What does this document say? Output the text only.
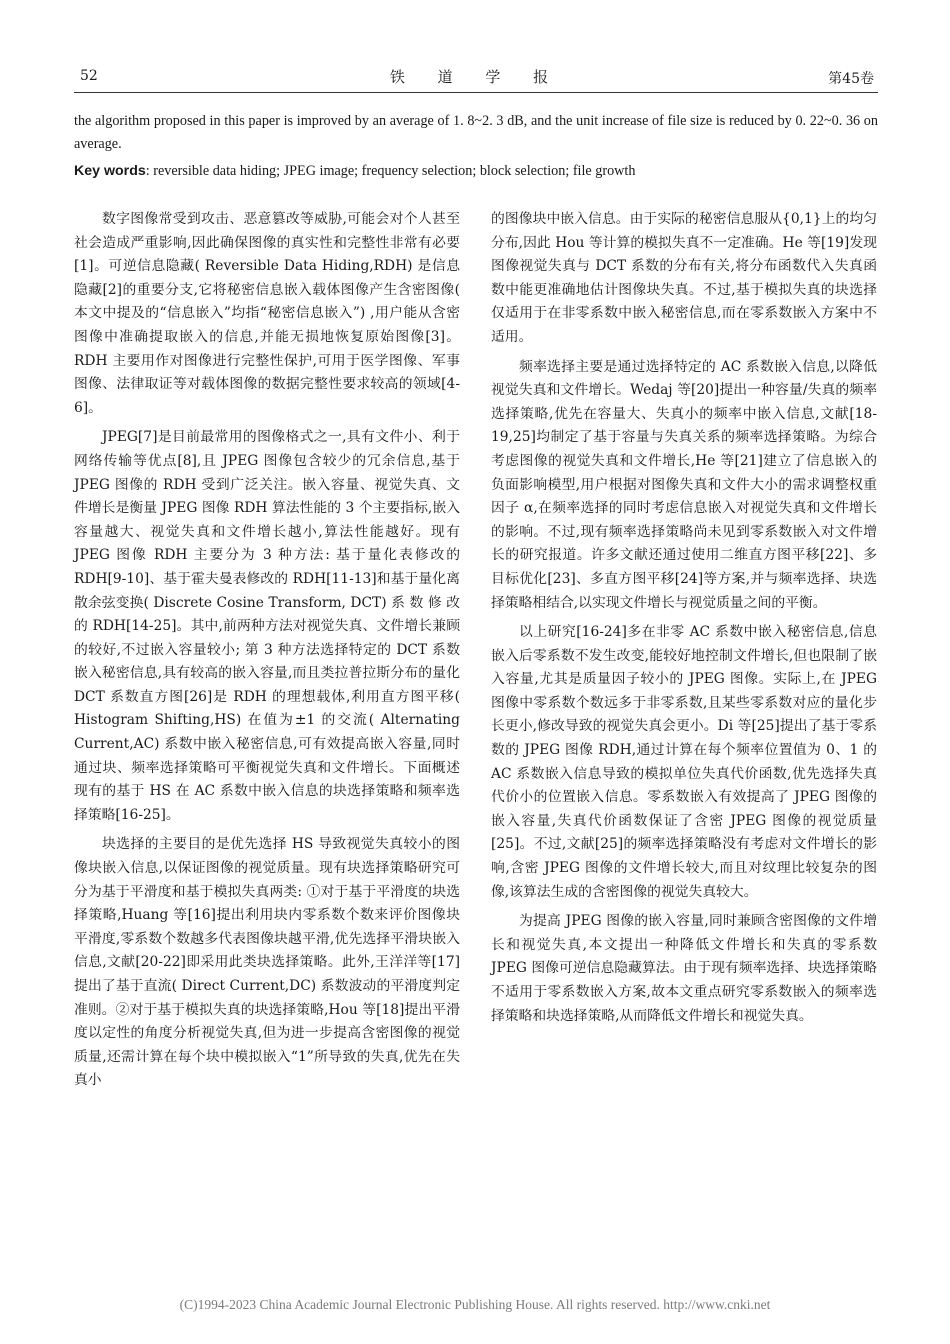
52	铁 道 学 报	第45卷

the algorithm proposed in this paper is improved by an average of 1. 8~2. 3 dB, and the unit increase of file size is reduced by 0. 22~0. 36 on average.

Key words: reversible data hiding; JPEG image; frequency selection; block selection; file growth

数字图像常受到攻击、恶意篡改等威胁,可能会对个人甚至社会造成严重影响,因此确保图像的真实性和完整性非常有必要[1]。可逆信息隐藏( Reversible Data Hiding,RDH) 是信息隐藏[2]的重要分支,它将秘密信息嵌入载体图像产生含密图像( 本文中提及的“信息嵌入”均指“秘密信息嵌入”) ,用户能从含密图像中准确提取嵌入的信息,并能无损地恢复原始图像[3]。RDH 主要用作对图像进行完整性保护,可用于医学图像、军事图像、法律取证等对载体图像的数据完整性要求较高的领域[4-6]。

JPEG[7]是目前最常用的图像格式之一,具有文件小、利于网络传输等优点[8],且 JPEG 图像包含较少的冗余信息,基于 JPEG 图像的 RDH 受到广泛关注。嵌入容量、视觉失真、文件增长是衡量 JPEG 图像 RDH 算法性能的 3 个主要指标,嵌入容量越大、视觉失真和文件增长越小,算法性能越好。现有 JPEG 图像 RDH 主要分为 3 种方法: 基于量化表修改的 RDH[9-10]、基于霍夫曼表修改的 RDH[11-13]和基于量化离散余弦变换( Discrete Cosine Transform, DCT) 系 数 修 改 的 RDH[14-25]。其中,前两种方法对视觉失真、文件增长兼顾的较好,不过嵌入容量较小; 第 3 种方法选择特定的 DCT 系数嵌入秘密信息,具有较高的嵌入容量,而且类拉普拉斯分布的量化 DCT 系数直方图[26]是 RDH 的理想载体,利用直方图平移( Histogram Shifting,HS) 在值为±1 的交流( Alternating Current,AC) 系数中嵌入秘密信息,可有效提高嵌入容量,同时通过块、频率选择策略可平衡视觉失真和文件增长。下面概述现有的基于 HS 在 AC 系数中嵌入信息的块选择策略和频率选择策略[16-25]。

块选择的主要目的是优先选择 HS 导致视觉失真较小的图像块嵌入信息,以保证图像的视觉质量。现有块选择策略研究可分为基于平滑度和基于模拟失真两类: ①对于基于平滑度的块选择策略,Huang 等[16]提出利用块内零系数个数来评价图像块平滑度,零系数个数越多代表图像块越平滑,优先选择平滑块嵌入信息,文献[20-22]即采用此类块选择策略。此外,王洋洋等[17]提出了基于直流( Direct Current,DC) 系数波动的平滑度判定准则。②对于基于模拟失真的块选择策略,Hou 等[18]提出平滑度以定性的角度分析视觉失真,但为进一步提高含密图像的视觉质量,还需计算在每个块中模拟嵌入“1”所导致的失真,优先在失真小

的图像块中嵌入信息。由于实际的秘密信息服从{0,1}上的均匀分布,因此 Hou 等计算的模拟失真不一定准确。He 等[19]发现图像视觉失真与 DCT 系数的分布有关,将分布函数代入失真函数中能更准确地估计图像块失真。不过,基于模拟失真的块选择仅适用于在非零系数中嵌入秘密信息,而在零系数嵌入方案中不适用。

频率选择主要是通过选择特定的 AC 系数嵌入信息,以降低视觉失真和文件增长。Wedaj 等[20]提出一种容量/失真的频率选择策略,优先在容量大、失真小的频率中嵌入信息,文献[18-19,25]均制定了基于容量与失真关系的频率选择策略。为综合考虑图像的视觉失真和文件增长,He 等[21]建立了信息嵌入的负面影响模型,用户根据对图像失真和文件大小的需求调整权重因子 α,在频率选择的同时考虑信息嵌入对视觉失真和文件增长的影响。不过,现有频率选择策略尚未见到零系数嵌入对文件增长的研究报道。许多文献还通过使用二维直方图平移[22]、多目标优化[23]、多直方图平移[24]等方案,并与频率选择、块选择策略相结合,以实现文件增长与视觉质量之间的平衡。

以上研究[16-24]多在非零 AC 系数中嵌入秘密信息,信息嵌入后零系数不发生改变,能较好地控制文件增长,但也限制了嵌入容量,尤其是质量因子较小的 JPEG 图像。实际上,在 JPEG 图像中零系数个数远多于非零系数,且某些零系数对应的量化步长更小,修改导致的视觉失真会更小。Di 等[25]提出了基于零系数的 JPEG 图像 RDH,通过计算在每个频率位置值为 0、1 的 AC 系数嵌入信息导致的模拟单位失真代价函数,优先选择失真代价小的位置嵌入信息。零系数嵌入有效提高了 JPEG 图像的嵌入容量,失真代价函数保证了含密 JPEG 图像的视觉质量[25]。不过,文献[25]的频率选择策略没有考虑对文件增长的影响,含密 JPEG 图像的文件增长较大,而且对纹理比较复杂的图像,该算法生成的含密图像的视觉失真较大。

为提高 JPEG 图像的嵌入容量,同时兼顾含密图像的文件增长和视觉失真,本文提出一种降低文件增长和失真的零系数 JPEG 图像可逆信息隐藏算法。由于现有频率选择、块选择策略不适用于零系数嵌入方案,故本文重点研究零系数嵌入的频率选择策略和块选择策略,从而降低文件增长和视觉失真。

(C)1994-2023 China Academic Journal Electronic Publishing House. All rights reserved. http://www.cnki.net
